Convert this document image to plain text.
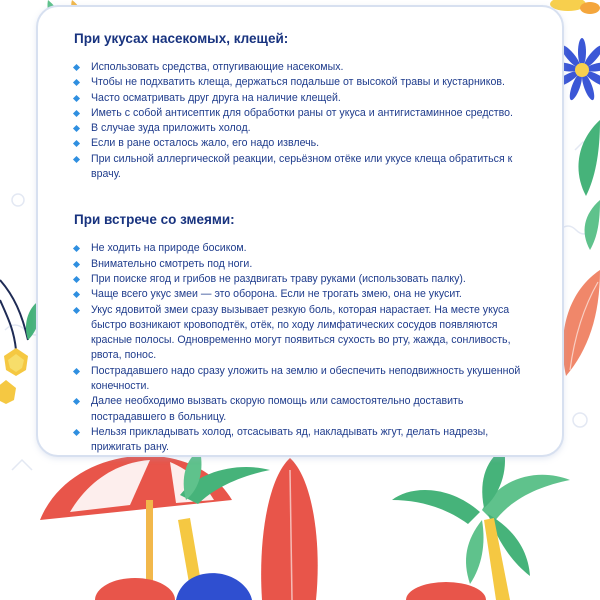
При укусах насекомых, клещей:
Использовать средства, отпугивающие насекомых.
Чтобы не подхватить клеща, держаться подальше от высокой травы и кустарников.
Часто осматривать друг друга на наличие клещей.
Иметь с собой антисептик для обработки раны от укуса и антигистаминное средство.
В случае зуда приложить холод.
Если в ране осталось жало, его надо извлечь.
При сильной аллергической реакции, серьёзном отёке или укусе клеща обратиться к врачу.
При встрече со змеями:
Не ходить на природе босиком.
Внимательно смотреть под ноги.
При поиске ягод и грибов не раздвигать траву руками (использовать палку).
Чаще всего укус змеи — это оборона. Если не трогать змею, она не укусит.
Укус ядовитой змеи сразу вызывает резкую боль, которая нарастает. На месте укуса быстро возникают кровоподтёк, отёк, по ходу лимфатических сосудов появляются красные полосы. Одновременно могут появиться сухость во рту, жажда, сонливость, рвота, понос.
Пострадавшего надо сразу уложить на землю и обеспечить неподвижность укушенной конечности.
Далее необходимо вызвать скорую помощь или самостоятельно доставить пострадавшего в больницу.
Нельзя прикладывать холод, отсасывать яд, накладывать жгут, делать надрезы, прижигать рану.
